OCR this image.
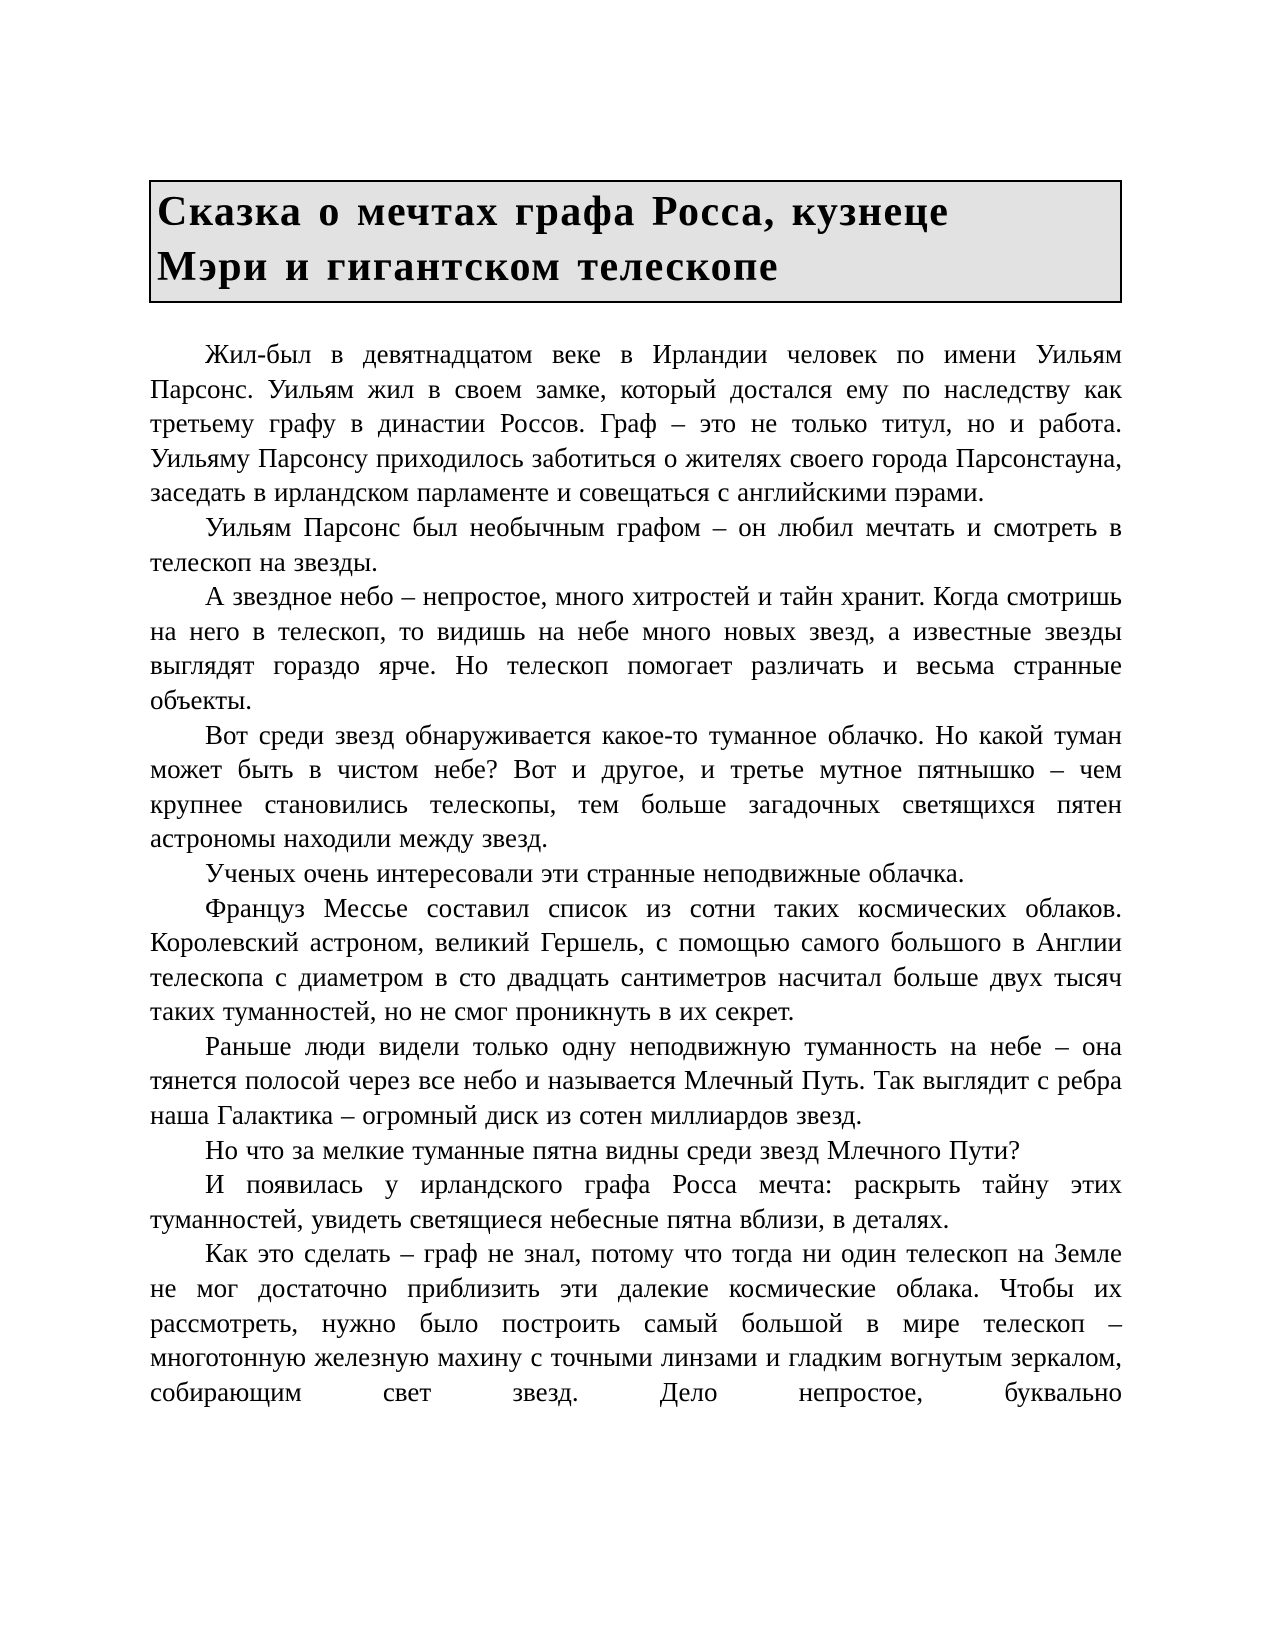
Сказка о мечтах графа Росса, кузнеце
Мэри и гигантском телескопе

Жил-был в девятнадцатом веке в Ирландии человек по имени Уильям Парсонс. Уильям жил в своем замке, который достался ему по наследству как третьему графу в династии Россов. Граф – это не только титул, но и работа. Уильяму Парсонсу приходилось заботиться о жителях своего города Парсонстауна, заседать в ирландском парламенте и совещаться с английскими пэрами.

Уильям Парсонс был необычным графом – он любил мечтать и смотреть в телескоп на звезды.

А звездное небо – непростое, много хитростей и тайн хранит. Когда смотришь на него в телескоп, то видишь на небе много новых звезд, а известные звезды выглядят гораздо ярче. Но телескоп помогает различать и весьма странные объекты.

Вот среди звезд обнаруживается какое-то туманное облачко. Но какой туман может быть в чистом небе? Вот и другое, и третье мутное пятнышко – чем крупнее становились телескопы, тем больше загадочных светящихся пятен астрономы находили между звезд.

Ученых очень интересовали эти странные неподвижные облачка.

Француз Мессье составил список из сотни таких космических облаков. Королевский астроном, великий Гершель, с помощью самого большого в Англии телескопа с диаметром в сто двадцать сантиметров насчитал больше двух тысяч таких туманностей, но не смог проникнуть в их секрет.

Раньше люди видели только одну неподвижную туманность на небе – она тянется полосой через все небо и называется Млечный Путь. Так выглядит с ребра наша Галактика – огромный диск из сотен миллиардов звезд.

Но что за мелкие туманные пятна видны среди звезд Млечного Пути?

И появилась у ирландского графа Росса мечта: раскрыть тайну этих туманностей, увидеть светящиеся небесные пятна вблизи, в деталях.

Как это сделать – граф не знал, потому что тогда ни один телескоп на Земле не мог достаточно приблизить эти далекие космические облака. Чтобы их рассмотреть, нужно было построить самый большой в мире телескоп – многотонную железную махину с точными линзами и гладким вогнутым зеркалом, собирающим свет звезд. Дело непростое, буквально
